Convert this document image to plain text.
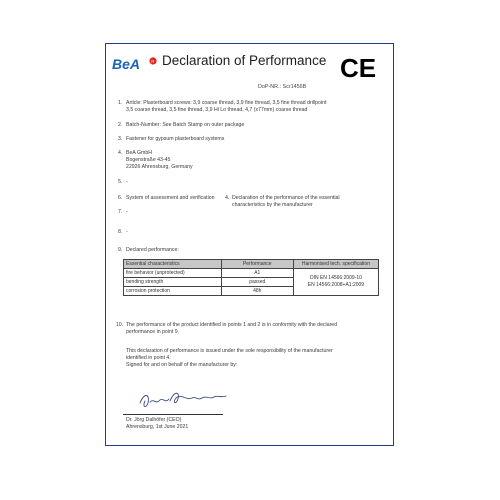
BeA R Declaration of Performance CE
DoP-NR.: Scr1456B
1. Article: Plasterboard screws: 3,9 coarse thread, 3,9 fine thread, 3,5 fine thread drillpoint
3,5 coarse thread, 3,5 fine thread, 3,9 Hi Lo thread, 4,7 (x77mm) coarse thread
2. Batch-Number: See Batch Stamp on outer package
3. Fastener for gypsum plasterboard systems
4. BeA GmbH
Bogenstraße 43-45
22926 Ahrensburg, Germany
5. -
6. System of assessment and verification 4. Declaration of the performance of the essential
characteristics by the manufacturer
7. -
8. -
9. Declared performance:
Essential characteristics	Performance	Harmonised tech. specification
fire behavior (unprotected)	A1	DIN EN 14566:2009-10
EN 14566:2008+A1:2009

bending strength	passed	
corrosion protection	48h	
10. The performance of the product identified in points 1 and 2 is in conformity with the declared
performance in point 9.
This declaration of performance is issued under the sole responsibility of the manufacturer
identified in point 4.
Signed for and on behalf of the manufacturer by:
Dr. Jörg Dalhöfer (CEO)
Ahrensburg, 1st June 2021
